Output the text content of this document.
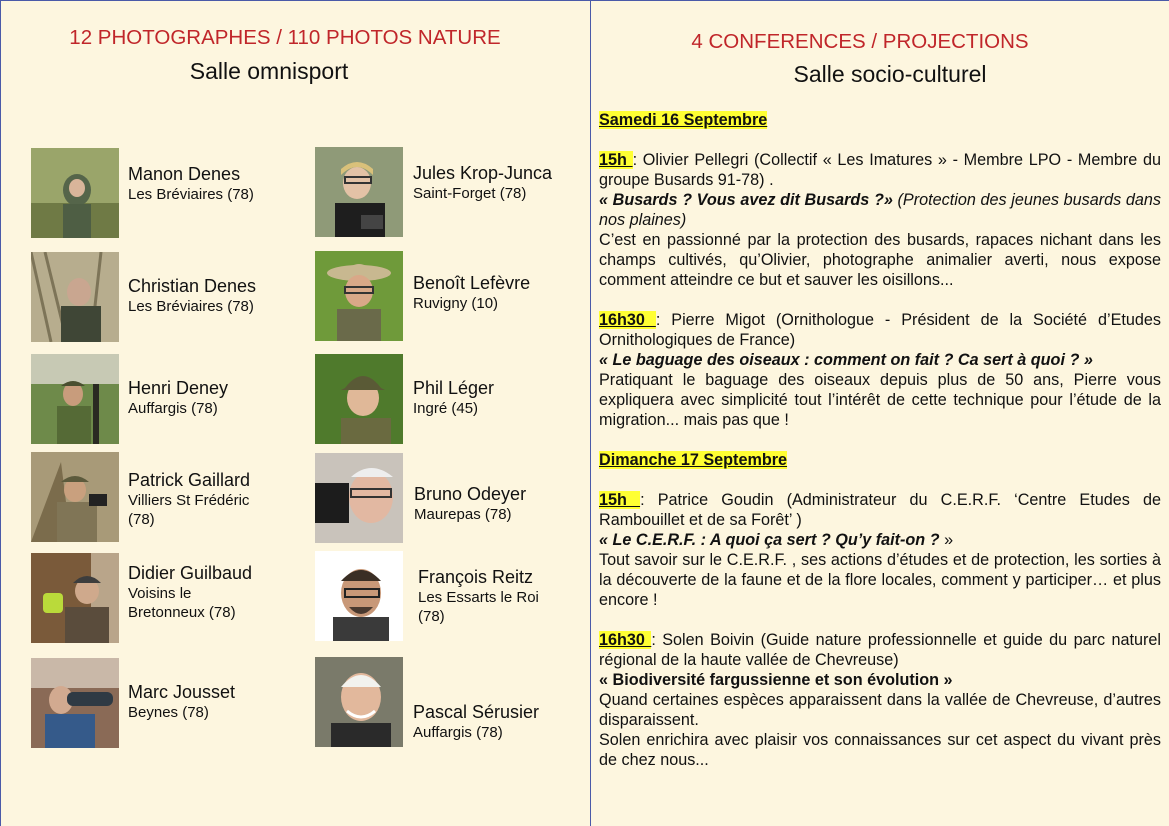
12 PHOTOGRAPHES / 110 PHOTOS NATURE
Salle omnisport
4 CONFERENCES / PROJECTIONS
Salle socio-culturel
Manon Denes
Les Bréviaires (78)
Christian Denes
Les Bréviaires (78)
Henri Deney
Auffargis (78)
Patrick Gaillard
Villiers St Frédéric (78)
Didier Guilbaud
Voisins le Bretonneux (78)
Marc Jousset
Beynes (78)
Jules Krop-Junca
Saint-Forget (78)
Benoît Lefèvre
Ruvigny (10)
Phil Léger
Ingré (45)
Bruno Odeyer
Maurepas (78)
François Reitz
Les Essarts le Roi (78)
Pascal Sérusier
Auffargis (78)

Samedi 16 Septembre

15h : Olivier Pellegri (Collectif « Les Imatures » - Membre LPO - Membre du groupe Busards 91-78) .

« Busards ? Vous avez dit Busards ?» (Protection des jeunes busards dans nos plaines)

C’est en passionné par la protection des busards, rapaces nichant dans les champs cultivés, qu’Olivier, photographe animalier averti, nous expose comment atteindre ce but et sauver les oisillons...

16h30 : Pierre Migot (Ornithologue - Président de la Société d’Etudes Ornithologiques de France)

« Le baguage des oiseaux : comment on fait ? Ca sert à quoi ? »

Pratiquant le baguage des oiseaux depuis plus de 50 ans, Pierre vous expliquera avec simplicité tout l’intérêt de cette technique pour l’étude de la migration... mais pas que !

Dimanche 17 Septembre

15h : Patrice Goudin (Administrateur du C.E.R.F. ‘Centre Etudes de Rambouillet et de sa Forêt’ )

« Le C.E.R.F. : A quoi ça sert ? Qu’y fait-on ? »

Tout savoir sur le C.E.R.F. , ses actions d’études et de protection, les sorties à la découverte de la faune et de la flore locales, comment y participer… et plus encore !

16h30 : Solen Boivin (Guide nature professionnelle et guide du parc naturel régional de la haute vallée de Chevreuse)

« Biodiversité fargussienne et son évolution »

Quand certaines espèces apparaissent dans la vallée de Chevreuse, d’autres disparaissent.

Solen enrichira avec plaisir vos connaissances sur cet aspect du vivant près de chez nous...
